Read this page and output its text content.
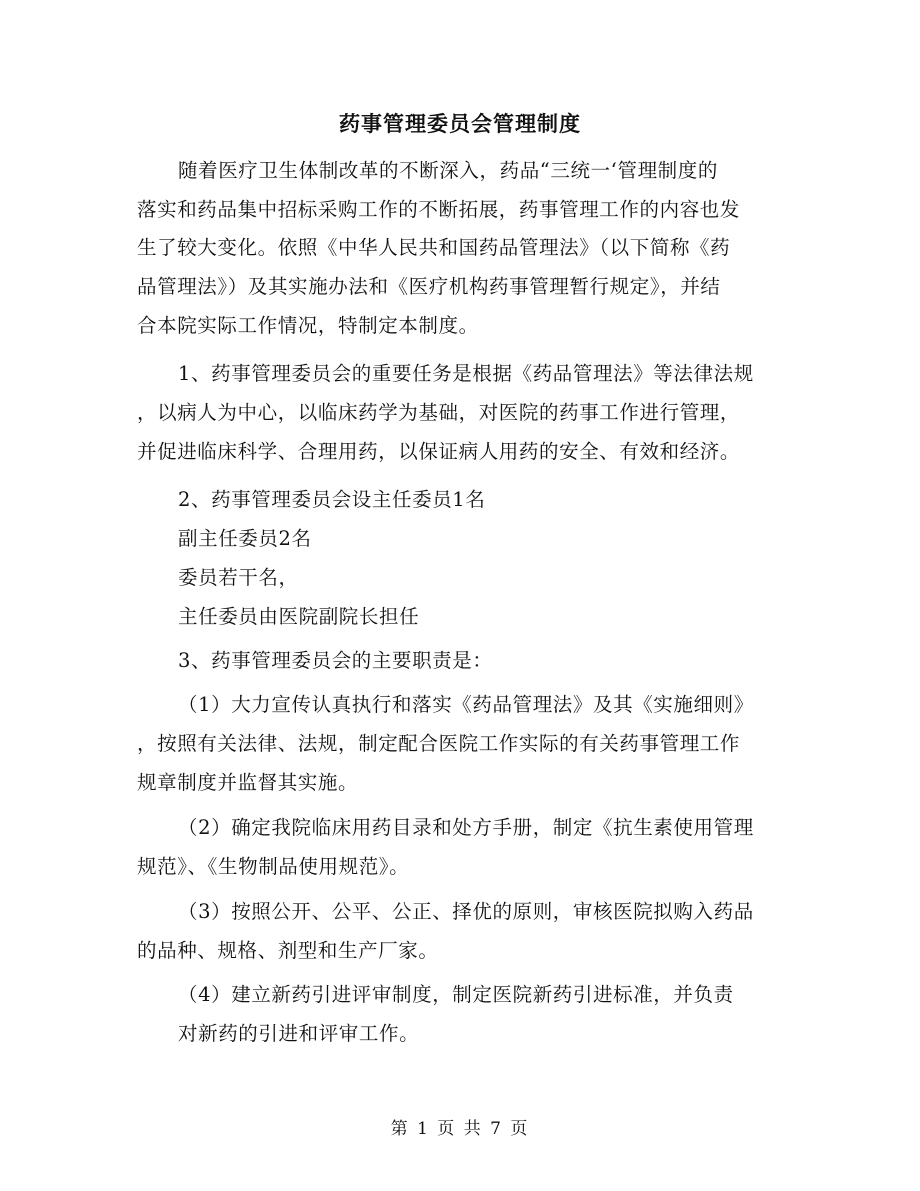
药事管理委员会管理制度
随着医疗卫生体制改革的不断深入，药品“三统一‘管理制度的
落实和药品集中招标采购工作的不断拓展，药事管理工作的内容也发
生了较大变化。依照《中华人民共和国药品管理法》（以下简称《药
品管理法》）及其实施办法和《医疗机构药事管理暂行规定》，并结
合本院实际工作情况，特制定本制度。
1、药事管理委员会的重要任务是根据《药品管理法》等法律法规
，以病人为中心，以临床药学为基础，对医院的药事工作进行管理，
并促进临床科学、合理用药，以保证病人用药的安全、有效和经济。
2、药事管理委员会设主任委员1名
副主任委员2名
委员若干名，
主任委员由医院副院长担任
3、药事管理委员会的主要职责是：
（1）大力宣传认真执行和落实《药品管理法》及其《实施细则》
，按照有关法律、法规，制定配合医院工作实际的有关药事管理工作
规章制度并监督其实施。
（2）确定我院临床用药目录和处方手册，制定《抗生素使用管理
规范》、《生物制品使用规范》。
（3）按照公开、公平、公正、择优的原则，审核医院拟购入药品
的品种、规格、剂型和生产厂家。
（4）建立新药引进评审制度，制定医院新药引进标准，并负责
对新药的引进和评审工作。
第 1 页 共 7 页
